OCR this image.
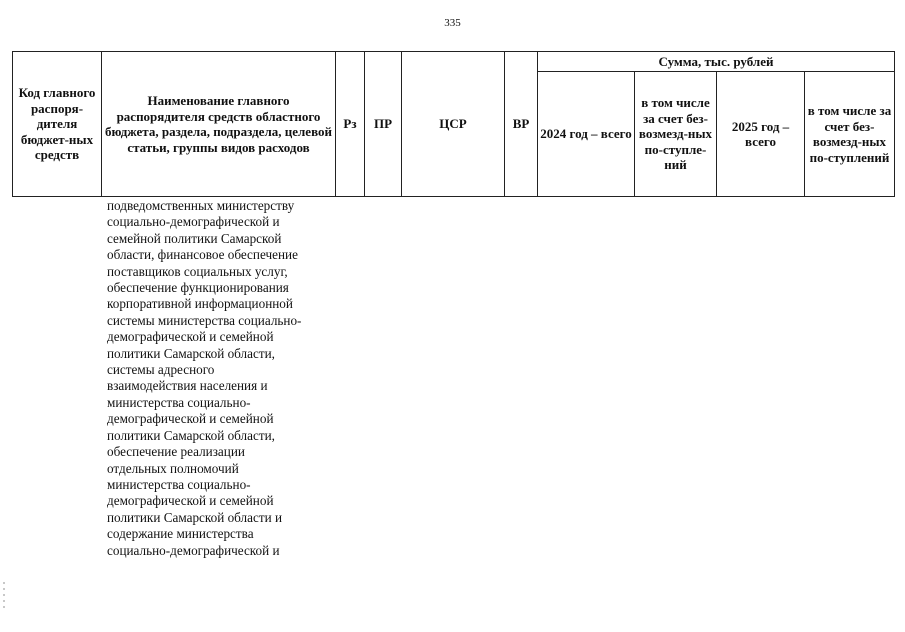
335
Код главного распоря-дителя бюджет-ных средств	Наименование главного распорядителя средств областного бюджета, раздела, подраздела, целевой статьи, группы видов расходов	Рз	ПР	ЦСР	ВР	Сумма, тыс. рублей			
						2024 год – всего	в том числе за счет без-возмезд-ных по-ступле-ний	2025 год – всего	в том числе за счет без-возмезд-ных по-ступлений
подведомственных министерству
социально-демографической и
семейной политики Самарской
области, финансовое обеспечение
поставщиков социальных услуг,
обеспечение функционирования
корпоративной информационной
системы министерства социально-
демографической и семейной
политики Самарской области,
системы адресного
взаимодействия населения и
министерства социально-
демографической и семейной
политики Самарской области,
обеспечение реализации
отдельных полномочий
министерства социально-
демографической и семейной
политики Самарской области и
содержание министерства
социально-демографической и
